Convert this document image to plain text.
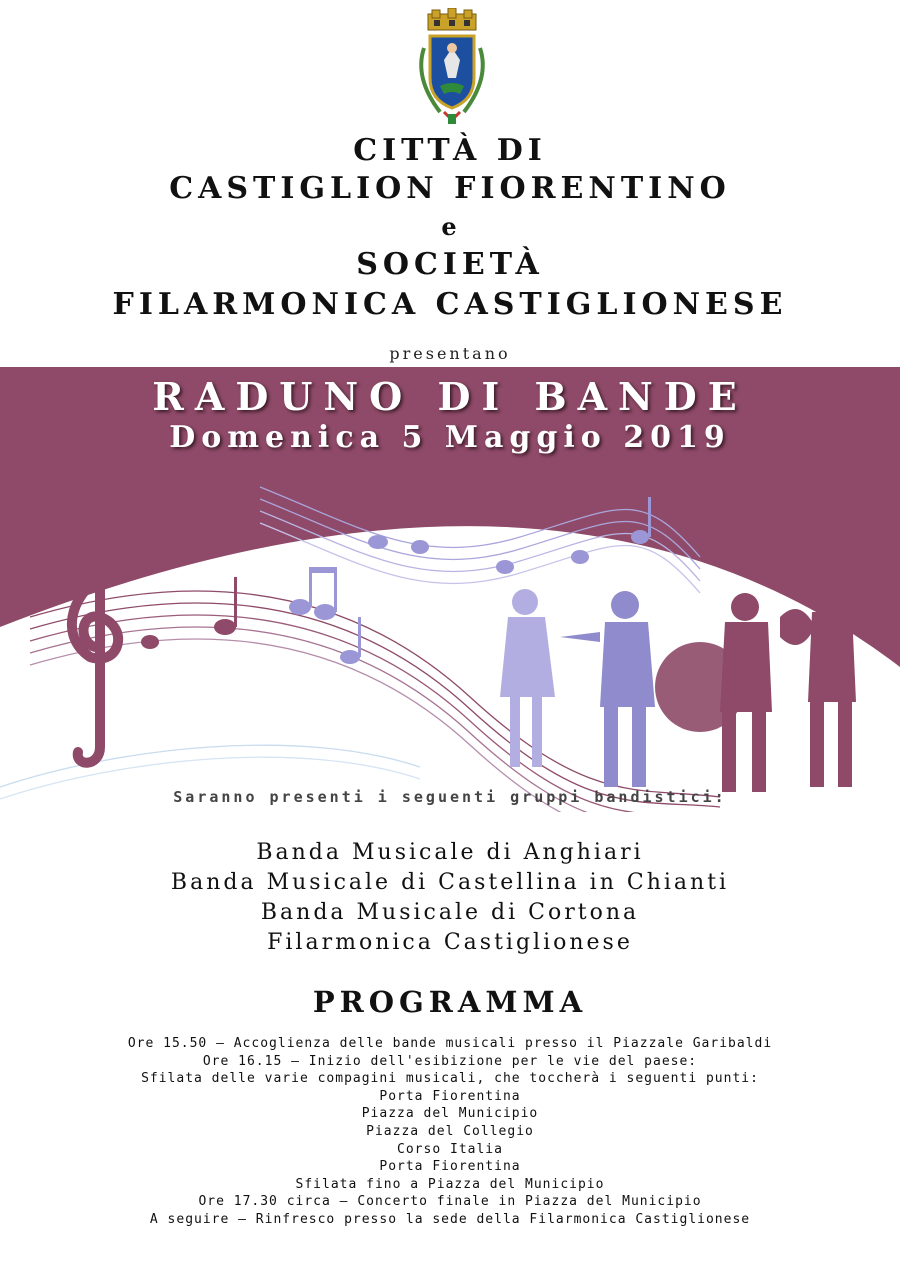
CITTÀ DI
CASTIGLION FIORENTINO
e
SOCIETÀ
FILARMONICA CASTIGLIONESE
presentano
RADUNO DI BANDE
Domenica 5 Maggio 2019
Saranno presenti i seguenti gruppi bandistici:
Banda Musicale di Anghiari
Banda Musicale di Castellina in Chianti
Banda Musicale di Cortona
Filarmonica Castiglionese
PROGRAMMA
Ore 15.50 – Accoglienza delle bande musicali presso il Piazzale Garibaldi
Ore 16.15 – Inizio dell'esibizione per le vie del paese:
Sfilata delle varie compagini musicali, che toccherà i seguenti punti:
Porta Fiorentina
Piazza del Municipio
Piazza del Collegio
Corso Italia
Porta Fiorentina
Sfilata fino a Piazza del Municipio
Ore 17.30 circa – Concerto finale in Piazza del Municipio
A seguire – Rinfresco presso la sede della Filarmonica Castiglionese
